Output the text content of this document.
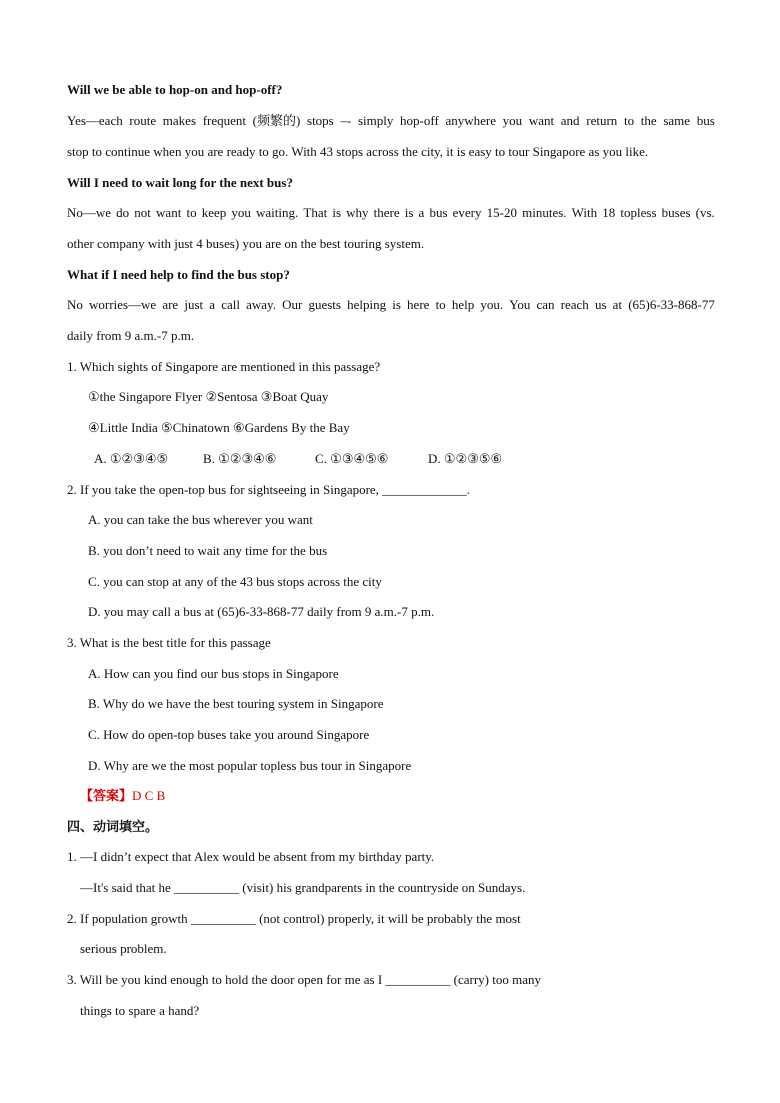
Will we be able to hop-on and hop-off?
Yes—each route makes frequent (频繁的) stops –- simply hop-off anywhere you want and return to the same bus
stop to continue when you are ready to go. With 43 stops across the city, it is easy to tour Singapore as you like.
Will I need to wait long for the next bus?
No—we do not want to keep you waiting. That is why there is a bus every 15-20 minutes. With 18 topless buses (vs.
other company with just 4 buses) you are on the best touring system.
What if I need help to find the bus stop?
No worries—we are just a call away. Our guests helping is here to help you. You can reach us at (65)6-33-868-77
daily from 9 a.m.-7 p.m.
1. Which sights of Singapore are mentioned in this passage?
①the Singapore Flyer ②Sentosa ③Boat Quay
④Little India ⑤Chinatown ⑥Gardens By the Bay
A. ①②③④⑤	B. ①②③④⑥	C. ①③④⑤⑥	D. ①②③⑤⑥
2. If you take the open-top bus for sightseeing in Singapore, _____________.
A. you can take the bus wherever you want
B. you don’t need to wait any time for the bus
C. you can stop at any of the 43 bus stops across the city
D. you may call a bus at (65)6-33-868-77 daily from 9 a.m.-7 p.m.
3. What is the best title for this passage
A. How can you find our bus stops in Singapore
B. Why do we have the best touring system in Singapore
C. How do open-top buses take you around Singapore
D. Why are we the most popular topless bus tour in Singapore
【答案】D C B
四、动词填空。
1. —I didn’t expect that Alex would be absent from my birthday party.
—It's said that he __________ (visit) his grandparents in the countryside on Sundays.
2. If population growth __________ (not control) properly, it will be probably the most
serious problem.
3. Will be you kind enough to hold the door open for me as I __________ (carry) too many
things to spare a hand?
